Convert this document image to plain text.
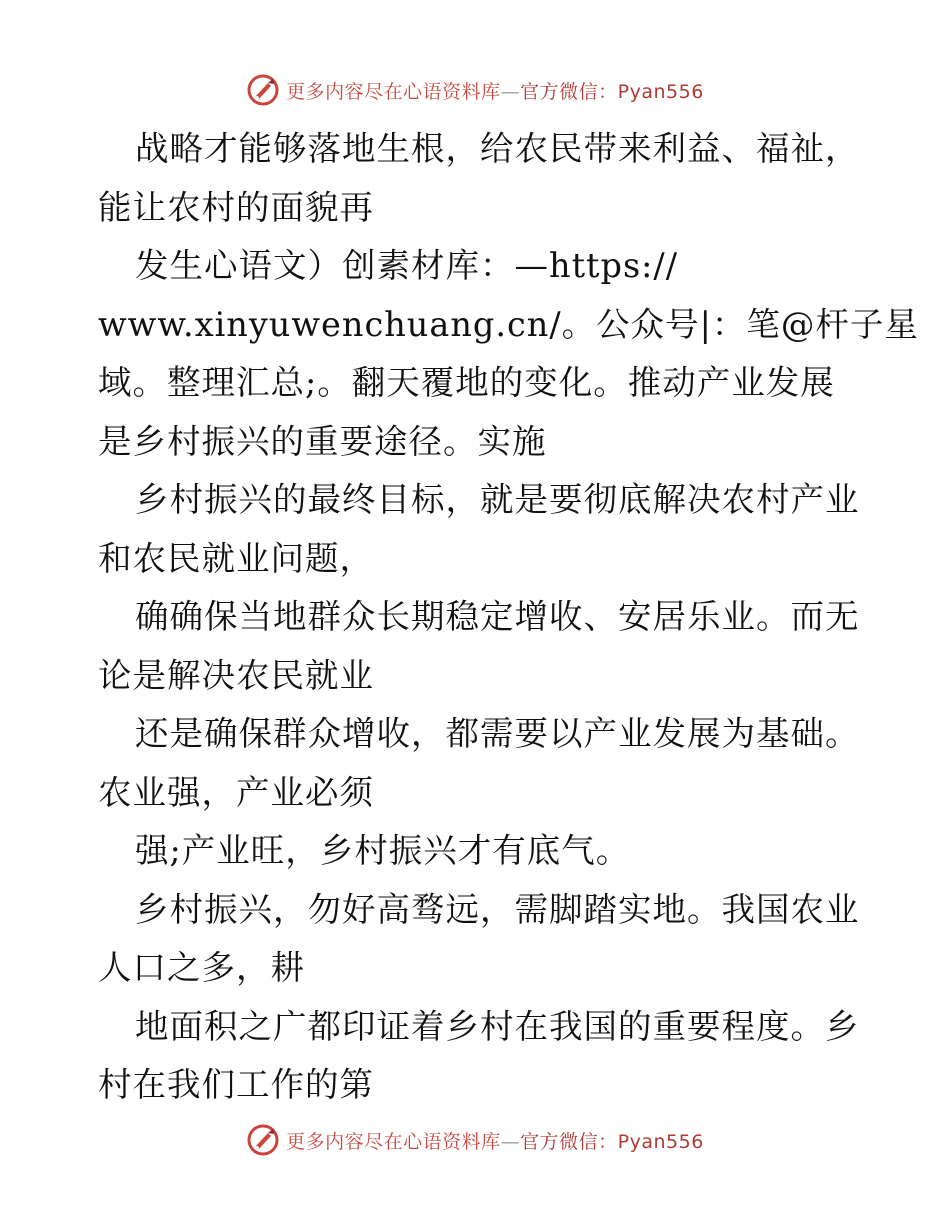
更多内容尽在心语资料库—官方微信：Pyan556
战略才能够落地生根，给农民带来利益、福祉，
能让农村的面貌再
发生心语文）创素材库：—https://
www.xinyuwenchuang.cn/。公众号|：笔@杆子星
域。整理汇总;。翻天覆地的变化。推动产业发展
是乡村振兴的重要途径。实施
乡村振兴的最终目标，就是要彻底解决农村产业
和农民就业问题，
确确保当地群众长期稳定增收、安居乐业。而无
论是解决农民就业
还是确保群众增收，都需要以产业发展为基础。
农业强，产业必须
强;产业旺，乡村振兴才有底气。
乡村振兴，勿好高骛远，需脚踏实地。我国农业
人口之多，耕
地面积之广都印证着乡村在我国的重要程度。乡
村在我们工作的第
更多内容尽在心语资料库—官方微信：Pyan556
